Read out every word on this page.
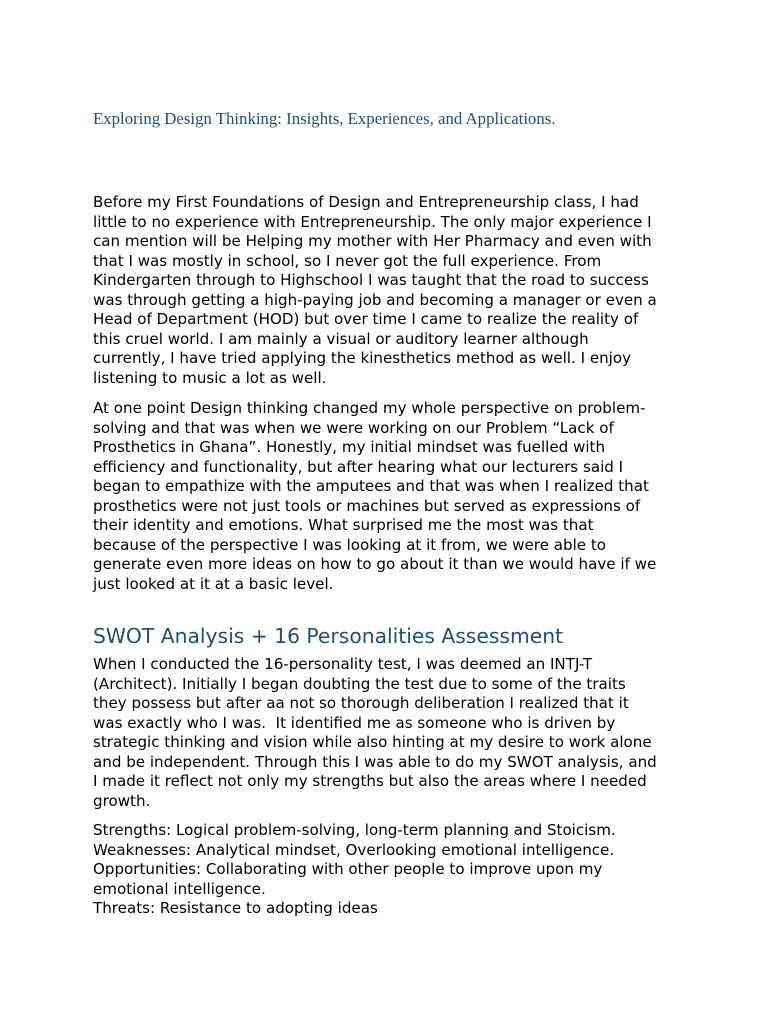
Exploring Design Thinking: Insights, Experiences, and Applications.
Before my First Foundations of Design and Entrepreneurship class, I had
little to no experience with Entrepreneurship. The only major experience I
can mention will be Helping my mother with Her Pharmacy and even with
that I was mostly in school, so I never got the full experience. From
Kindergarten through to Highschool I was taught that the road to success
was through getting a high-paying job and becoming a manager or even a
Head of Department (HOD) but over time I came to realize the reality of
this cruel world. I am mainly a visual or auditory learner although
currently, I have tried applying the kinesthetics method as well. I enjoy
listening to music a lot as well.
At one point Design thinking changed my whole perspective on problem-
solving and that was when we were working on our Problem “Lack of
Prosthetics in Ghana”. Honestly, my initial mindset was fuelled with
efficiency and functionality, but after hearing what our lecturers said I
began to empathize with the amputees and that was when I realized that
prosthetics were not just tools or machines but served as expressions of
their identity and emotions. What surprised me the most was that
because of the perspective I was looking at it from, we were able to
generate even more ideas on how to go about it than we would have if we
just looked at it at a basic level.
SWOT Analysis + 16 Personalities Assessment
When I conducted the 16-personality test, I was deemed an INTJ-T
(Architect). Initially I began doubting the test due to some of the traits
they possess but after aa not so thorough deliberation I realized that it
was exactly who I was.  It identified me as someone who is driven by
strategic thinking and vision while also hinting at my desire to work alone
and be independent. Through this I was able to do my SWOT analysis, and
I made it reflect not only my strengths but also the areas where I needed
growth.
Strengths: Logical problem-solving, long-term planning and Stoicism.
Weaknesses: Analytical mindset, Overlooking emotional intelligence.
Opportunities: Collaborating with other people to improve upon my
emotional intelligence.
Threats: Resistance to adopting ideas
